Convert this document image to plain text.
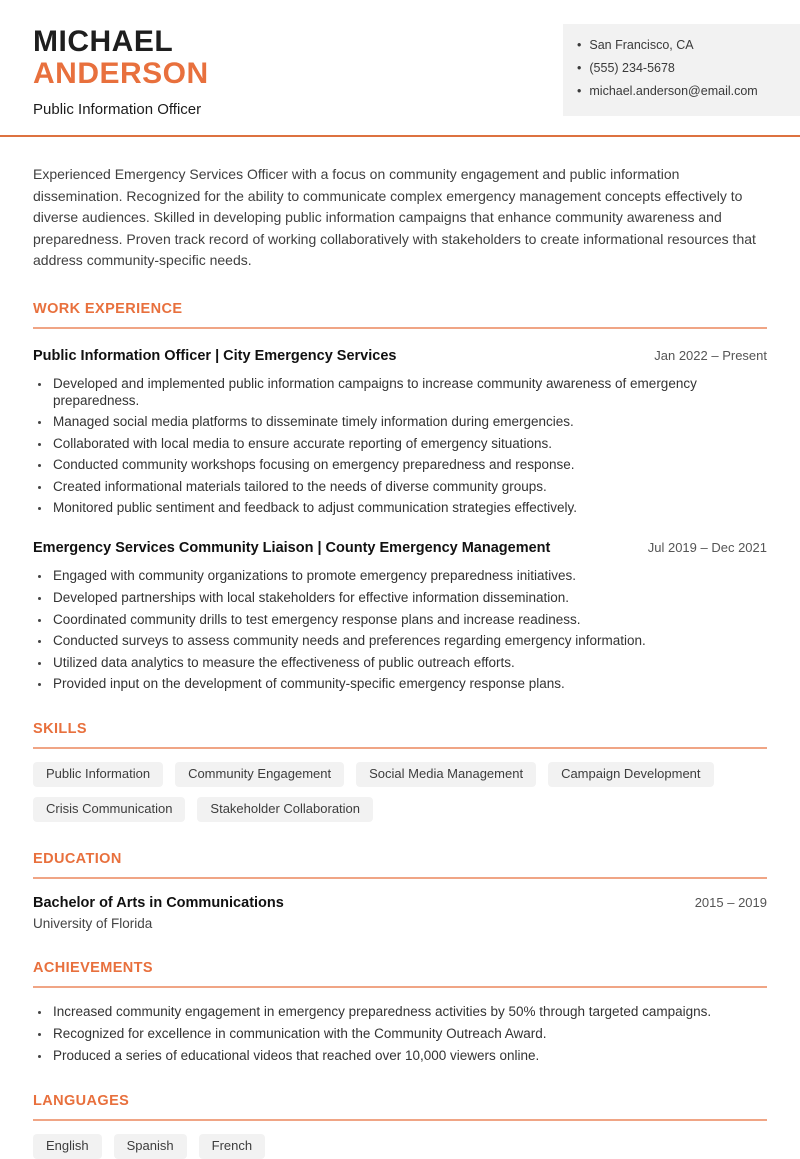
MICHAEL
ANDERSON
Public Information Officer
• San Francisco, CA
• (555) 234-5678
• michael.anderson@email.com

Experienced Emergency Services Officer with a focus on community engagement and public information dissemination. Recognized for the ability to communicate complex emergency management concepts effectively to diverse audiences. Skilled in developing public information campaigns that enhance community awareness and preparedness. Proven track record of working collaboratively with stakeholders to create informational resources that address community-specific needs.

WORK EXPERIENCE
Public Information Officer | City Emergency Services	Jan 2022 – Present
• Developed and implemented public information campaigns to increase community awareness of emergency preparedness.
• Managed social media platforms to disseminate timely information during emergencies.
• Collaborated with local media to ensure accurate reporting of emergency situations.
• Conducted community workshops focusing on emergency preparedness and response.
• Created informational materials tailored to the needs of diverse community groups.
• Monitored public sentiment and feedback to adjust communication strategies effectively.
Emergency Services Community Liaison | County Emergency Management	Jul 2019 – Dec 2021
• Engaged with community organizations to promote emergency preparedness initiatives.
• Developed partnerships with local stakeholders for effective information dissemination.
• Coordinated community drills to test emergency response plans and increase readiness.
• Conducted surveys to assess community needs and preferences regarding emergency information.
• Utilized data analytics to measure the effectiveness of public outreach efforts.
• Provided input on the development of community-specific emergency response plans.
SKILLS
Public Information	Community Engagement	Social Media Management	Campaign Development
Crisis Communication	Stakeholder Collaboration
EDUCATION
Bachelor of Arts in Communications	2015 – 2019
University of Florida
ACHIEVEMENTS
• Increased community engagement in emergency preparedness activities by 50% through targeted campaigns.
• Recognized for excellence in communication with the Community Outreach Award.
• Produced a series of educational videos that reached over 10,000 viewers online.
LANGUAGES
English	Spanish	French
